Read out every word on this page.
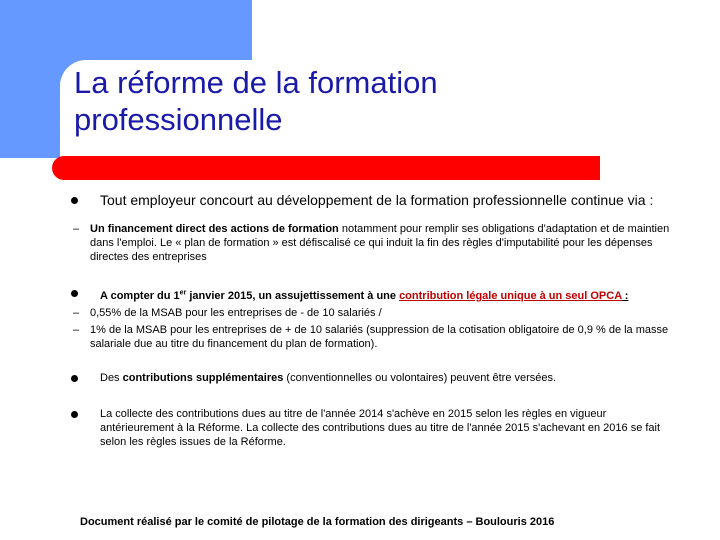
La réforme de la formation professionnelle
Tout employeur concourt au développement de la formation professionnelle continue via :
– Un financement direct des actions de formation notamment pour remplir ses obligations d'adaptation et de maintien dans l'emploi. Le « plan de formation » est défiscalisé ce qui induit la fin des règles d'imputabilité pour les dépenses directes des entreprises
A compter du 1er janvier 2015, un assujettissement à une contribution légale unique à un seul OPCA :
– 0,55% de la MSAB pour les entreprises de - de 10 salariés /
– 1% de la MSAB pour les entreprises de + de 10 salariés (suppression de la cotisation obligatoire de 0,9 % de la masse salariale due au titre du financement du plan de formation).
Des contributions supplémentaires (conventionnelles ou volontaires) peuvent être versées.
La collecte des contributions dues au titre de l'année 2014 s'achève en 2015 selon les règles en vigueur antérieurement à la Réforme. La collecte des contributions dues au titre de l'année 2015 s'achevant en 2016 se fait selon les règles issues de la Réforme.
Document réalisé par le comité de pilotage de la formation des dirigeants – Boulouris 2016
